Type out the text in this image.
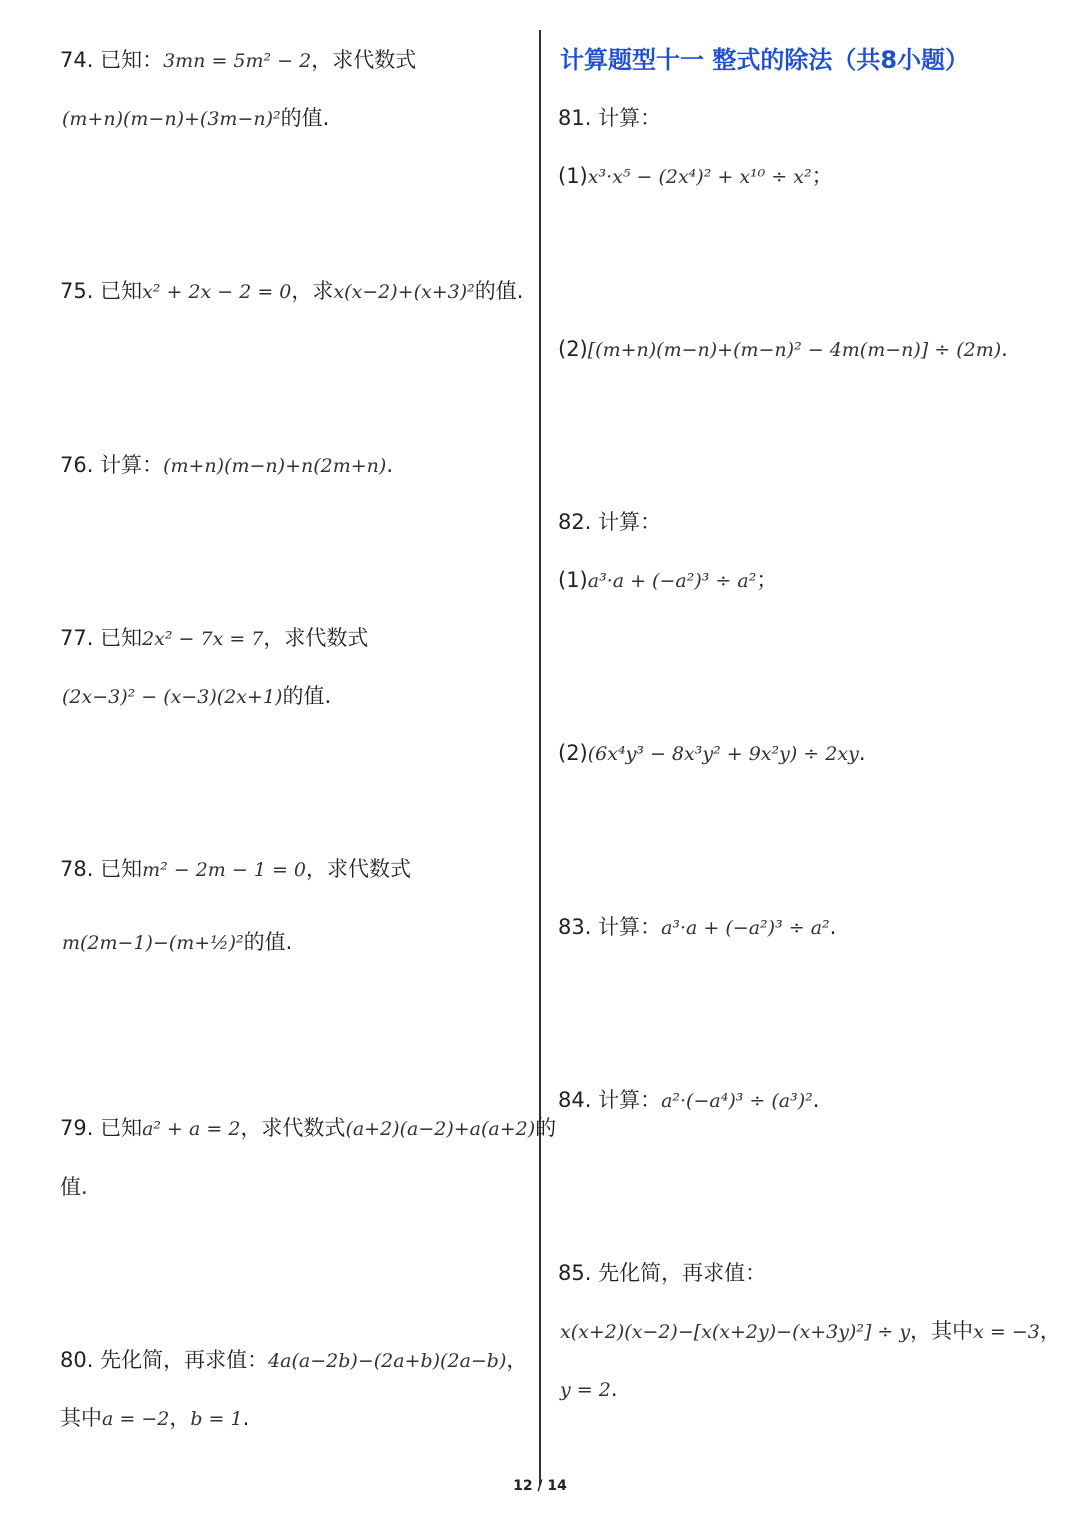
74. 已知：3mn = 5m² − 2，求代数式
(m+n)(m−n)+(3m−n)²的值.
75. 已知x² + 2x − 2 = 0，求x(x−2)+(x+3)²的值.
76. 计算：(m+n)(m−n)+n(2m+n).
77. 已知2x² − 7x = 7，求代数式
(2x−3)² − (x−3)(2x+1)的值.
78. 已知m² − 2m − 1 = 0，求代数式
m(2m−1)−(m+½)²的值.
79. 已知a² + a = 2，求代数式(a+2)(a−2)+a(a+2)的
值.
80. 先化简，再求值：4a(a−2b)−(2a+b)(2a−b)，
其中a = −2，b = 1.
计算题型十一 整式的除法（共8小题）
81. 计算：
(1)x³·x⁵ − (2x⁴)² + x¹⁰ ÷ x²；
(2)[(m+n)(m−n)+(m−n)² − 4m(m−n)] ÷ (2m).
82. 计算：
(1)a³·a + (−a²)³ ÷ a²；
(2)(6x⁴y³ − 8x³y² + 9x²y) ÷ 2xy.
83. 计算：a³·a + (−a²)³ ÷ a².
84. 计算：a²·(−a⁴)³ ÷ (a³)².
85. 先化简，再求值：
x(x+2)(x−2)−[x(x+2y)−(x+3y)²] ÷ y，其中x = −3，
y = 2.
12 / 14
